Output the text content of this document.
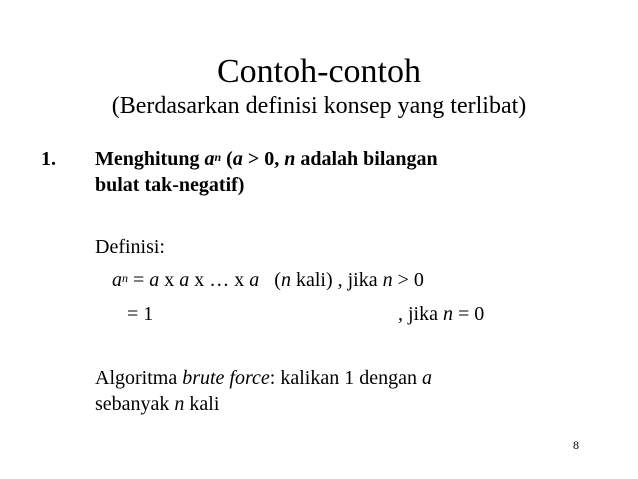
Contoh-contoh
(Berdasarkan definisi konsep yang terlibat)
1. Menghitung $a^n$ (a > 0, n adalah bilangan
bulat tak-negatif)
Definisi:
$a^n = a$ x a x … x a   (n kali) , jika n > 0
= 1	, jika n = 0
Algoritma brute force: kalikan 1 dengan a
sebanyak n kali
8
